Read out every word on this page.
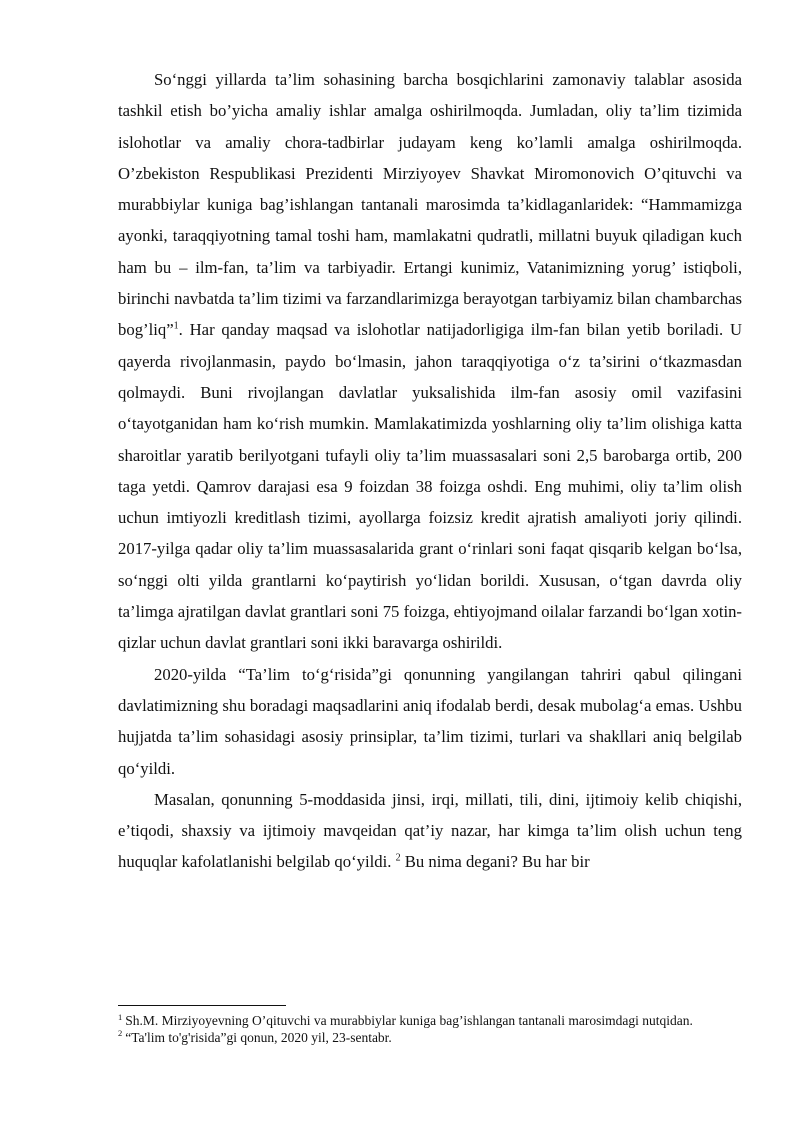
So‘nggi yillarda ta’lim sohasining barcha bosqichlarini zamonaviy talablar asosida tashkil etish bo’yicha amaliy ishlar amalga oshirilmoqda. Jumladan, oliy ta’lim tizimida islohotlar va amaliy chora-tadbirlar judayam keng ko’lamli amalga oshirilmoqda. O’zbekiston Respublikasi Prezidenti Mirziyoyev Shavkat Miromonovich O’qituvchi va murabbiylar kuniga bag’ishlangan tantanali marosimda ta’kidlaganlaridek: “Hammamizga ayonki, taraqqiyotning tamal toshi ham, mamlakatni qudratli, millatni buyuk qiladigan kuch ham bu – ilm-fan, ta’lim va tarbiyadir. Ertangi kunimiz, Vatanimizning yorug’ istiqboli, birinchi navbatda ta’lim tizimi va farzandlarimizga berayotgan tarbiyamiz bilan chambarchas bog’liq”$^1$. Har qanday maqsad va islohotlar natijadorligiga ilm-fan bilan yetib boriladi. U qayerda rivojlanmasin, paydo bo‘lmasin, jahon taraqqiyotiga o‘z ta’sirini o‘tkazmasdan qolmaydi. Buni rivojlangan davlatlar yuksalishida ilm-fan asosiy omil vazifasini o‘tayotganidan ham ko‘rish mumkin. Mamlakatimizda yoshlarning oliy ta’lim olishiga katta sharoitlar yaratib berilyotgani tufayli oliy ta’lim muassasalari soni 2,5 barobarga ortib, 200 taga yetdi. Qamrov darajasi esa 9 foizdan 38 foizga oshdi. Eng muhimi, oliy ta’lim olish uchun imtiyozli kreditlash tizimi, ayollarga foizsiz kredit ajratish amaliyoti joriy qilindi. 2017-yilga qadar oliy ta’lim muassasalarida grant o‘rinlari soni faqat qisqarib kelgan bo‘lsa, so‘nggi olti yilda grantlarni ko‘paytirish yo‘lidan borildi. Xususan, o‘tgan davrda oliy ta’limga ajratilgan davlat grantlari soni 75 foizga, ehtiyojmand oilalar farzandi bo‘lgan xotin-qizlar uchun davlat grantlari soni ikki baravarga oshirildi.

2020-yilda “Ta’lim to‘g‘risida”gi qonunning yangilangan tahriri qabul qilingani davlatimizning shu boradagi maqsadlarini aniq ifodalab berdi, desak mubolag‘a emas. Ushbu hujjatda ta’lim sohasidagi asosiy prinsiplar, ta’lim tizimi, turlari va shakllari aniq belgilab qo‘yildi.

Masalan, qonunning 5-moddasida jinsi, irqi, millati, tili, dini, ijtimoiy kelib chiqishi, e’tiqodi, shaxsiy va ijtimoiy mavqeidan qat’iy nazar, har kimga ta’lim olish uchun teng huquqlar kafolatlanishi belgilab qo‘yildi. $^2$ Bu nima degani? Bu har bir

$^1$ Sh.M. Mirziyoyevning O’qituvchi va murabbiylar kuniga bag’ishlangan tantanali marosimdagi nutqidan.

$^2$ “Ta'lim to'g'risida”gi qonun, 2020 yil, 23-sentabr.
